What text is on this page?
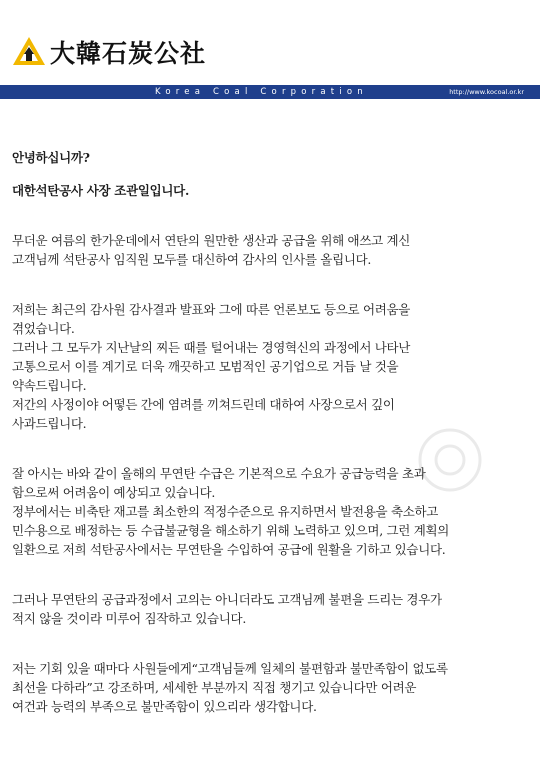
大韓石炭公社
Korea Coal Corporation	http://www.kocoal.or.kr

안녕하십니까?

대한석탄공사 사장 조관일입니다.

무더운 여름의 한가운데에서 연탄의 원만한 생산과 공급을 위해 애쓰고 계신

고객님께 석탄공사 임직원 모두를 대신하여 감사의 인사를 올립니다.

저희는 최근의 감사원 감사결과 발표와 그에 따른 언론보도 등으로 어려움을

겪었습니다.

그러나 그 모두가 지난날의 찌든 때를 털어내는 경영혁신의 과정에서 나타난

고통으로서 이를 계기로 더욱 깨끗하고 모범적인 공기업으로 거듭 날 것을

약속드립니다.

저간의 사정이야 어떻든 간에 염려를 끼쳐드린데 대하여 사장으로서 깊이

사과드립니다.

잘 아시는 바와 같이 올해의 무연탄 수급은 기본적으로 수요가 공급능력을 초과

함으로써 어려움이 예상되고 있습니다.

정부에서는 비축탄 재고를 최소한의 적정수준으로 유지하면서 발전용을 축소하고

민수용으로 배정하는 등 수급불균형을 해소하기 위해 노력하고 있으며, 그런 계획의

일환으로 저희 석탄공사에서는 무연탄을 수입하여 공급에 원활을 기하고 있습니다.

그러나 무연탄의 공급과정에서 고의는 아니더라도 고객님께 불편을 드리는 경우가

적지 않을 것이라 미루어 짐작하고 있습니다.

저는 기회 있을 때마다 사원들에게“고객님들께 일체의 불편함과 불만족함이 없도록

최선을 다하라”고 강조하며, 세세한 부분까지 직접 챙기고 있습니다만 어려운

여건과 능력의 부족으로 불만족함이 있으리라 생각합니다.
